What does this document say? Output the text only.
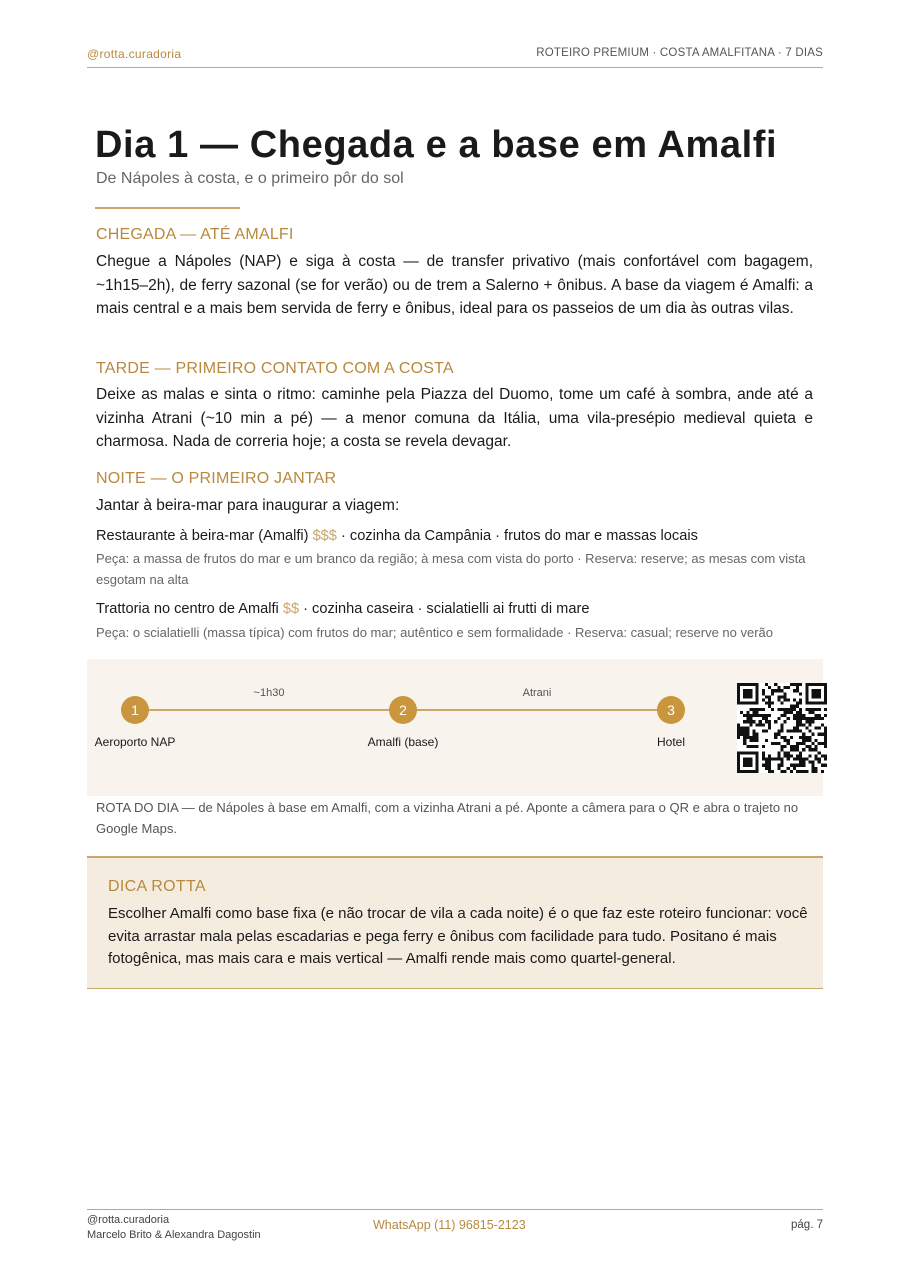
@rotta.curadoria	ROTEIRO PREMIUM · COSTA AMALFITANA · 7 DIAS
Dia 1 — Chegada e a base em Amalfi
De Nápoles à costa, e o primeiro pôr do sol
CHEGADA — ATÉ AMALFI

Chegue a Nápoles (NAP) e siga à costa — de transfer privativo (mais confortável com bagagem, ~1h15–2h), de ferry sazonal (se for verão) ou de trem a Salerno + ônibus. A base da viagem é Amalfi: a mais central e a mais bem servida de ferry e ônibus, ideal para os passeios de um dia às outras vilas.

TARDE — PRIMEIRO CONTATO COM A COSTA

Deixe as malas e sinta o ritmo: caminhe pela Piazza del Duomo, tome um café à sombra, ande até a vizinha Atrani (~10 min a pé) — a menor comuna da Itália, uma vila-presépio medieval quieta e charmosa. Nada de correria hoje; a costa se revela devagar.

NOITE — O PRIMEIRO JANTAR

Jantar à beira-mar para inaugurar a viagem:

Restaurante à beira-mar (Amalfi) $$$ · cozinha da Campânia · frutos do mar e massas locais
Peça: a massa de frutos do mar e um branco da região; à mesa com vista do porto · Reserva: reserve; as mesas com vista esgotam na alta
Trattoria no centro de Amalfi $$ · cozinha caseira · scialatielli ai frutti di mare
Peça: o scialatielli (massa típica) com frutos do mar; autêntico e sem formalidade · Reserva: casual; reserve no verão
1	2	3
Aeroporto NAP	Amalfi (base)	Hotel
~1h30	Atrani

ROTA DO DIA — de Nápoles à base em Amalfi, com a vizinha Atrani a pé. Aponte a câmera para o QR e abra o trajeto no Google Maps.

DICA ROTTA

Escolher Amalfi como base fixa (e não trocar de vila a cada noite) é o que faz este roteiro funcionar: você evita arrastar mala pelas escadarias e pega ferry e ônibus com facilidade para tudo. Positano é mais fotogênica, mas mais cara e mais vertical — Amalfi rende mais como quartel-general.

@rotta.curadoria
Marcelo Brito & Alexandra Dagostin
WhatsApp (11) 96815-2123	pág. 7
